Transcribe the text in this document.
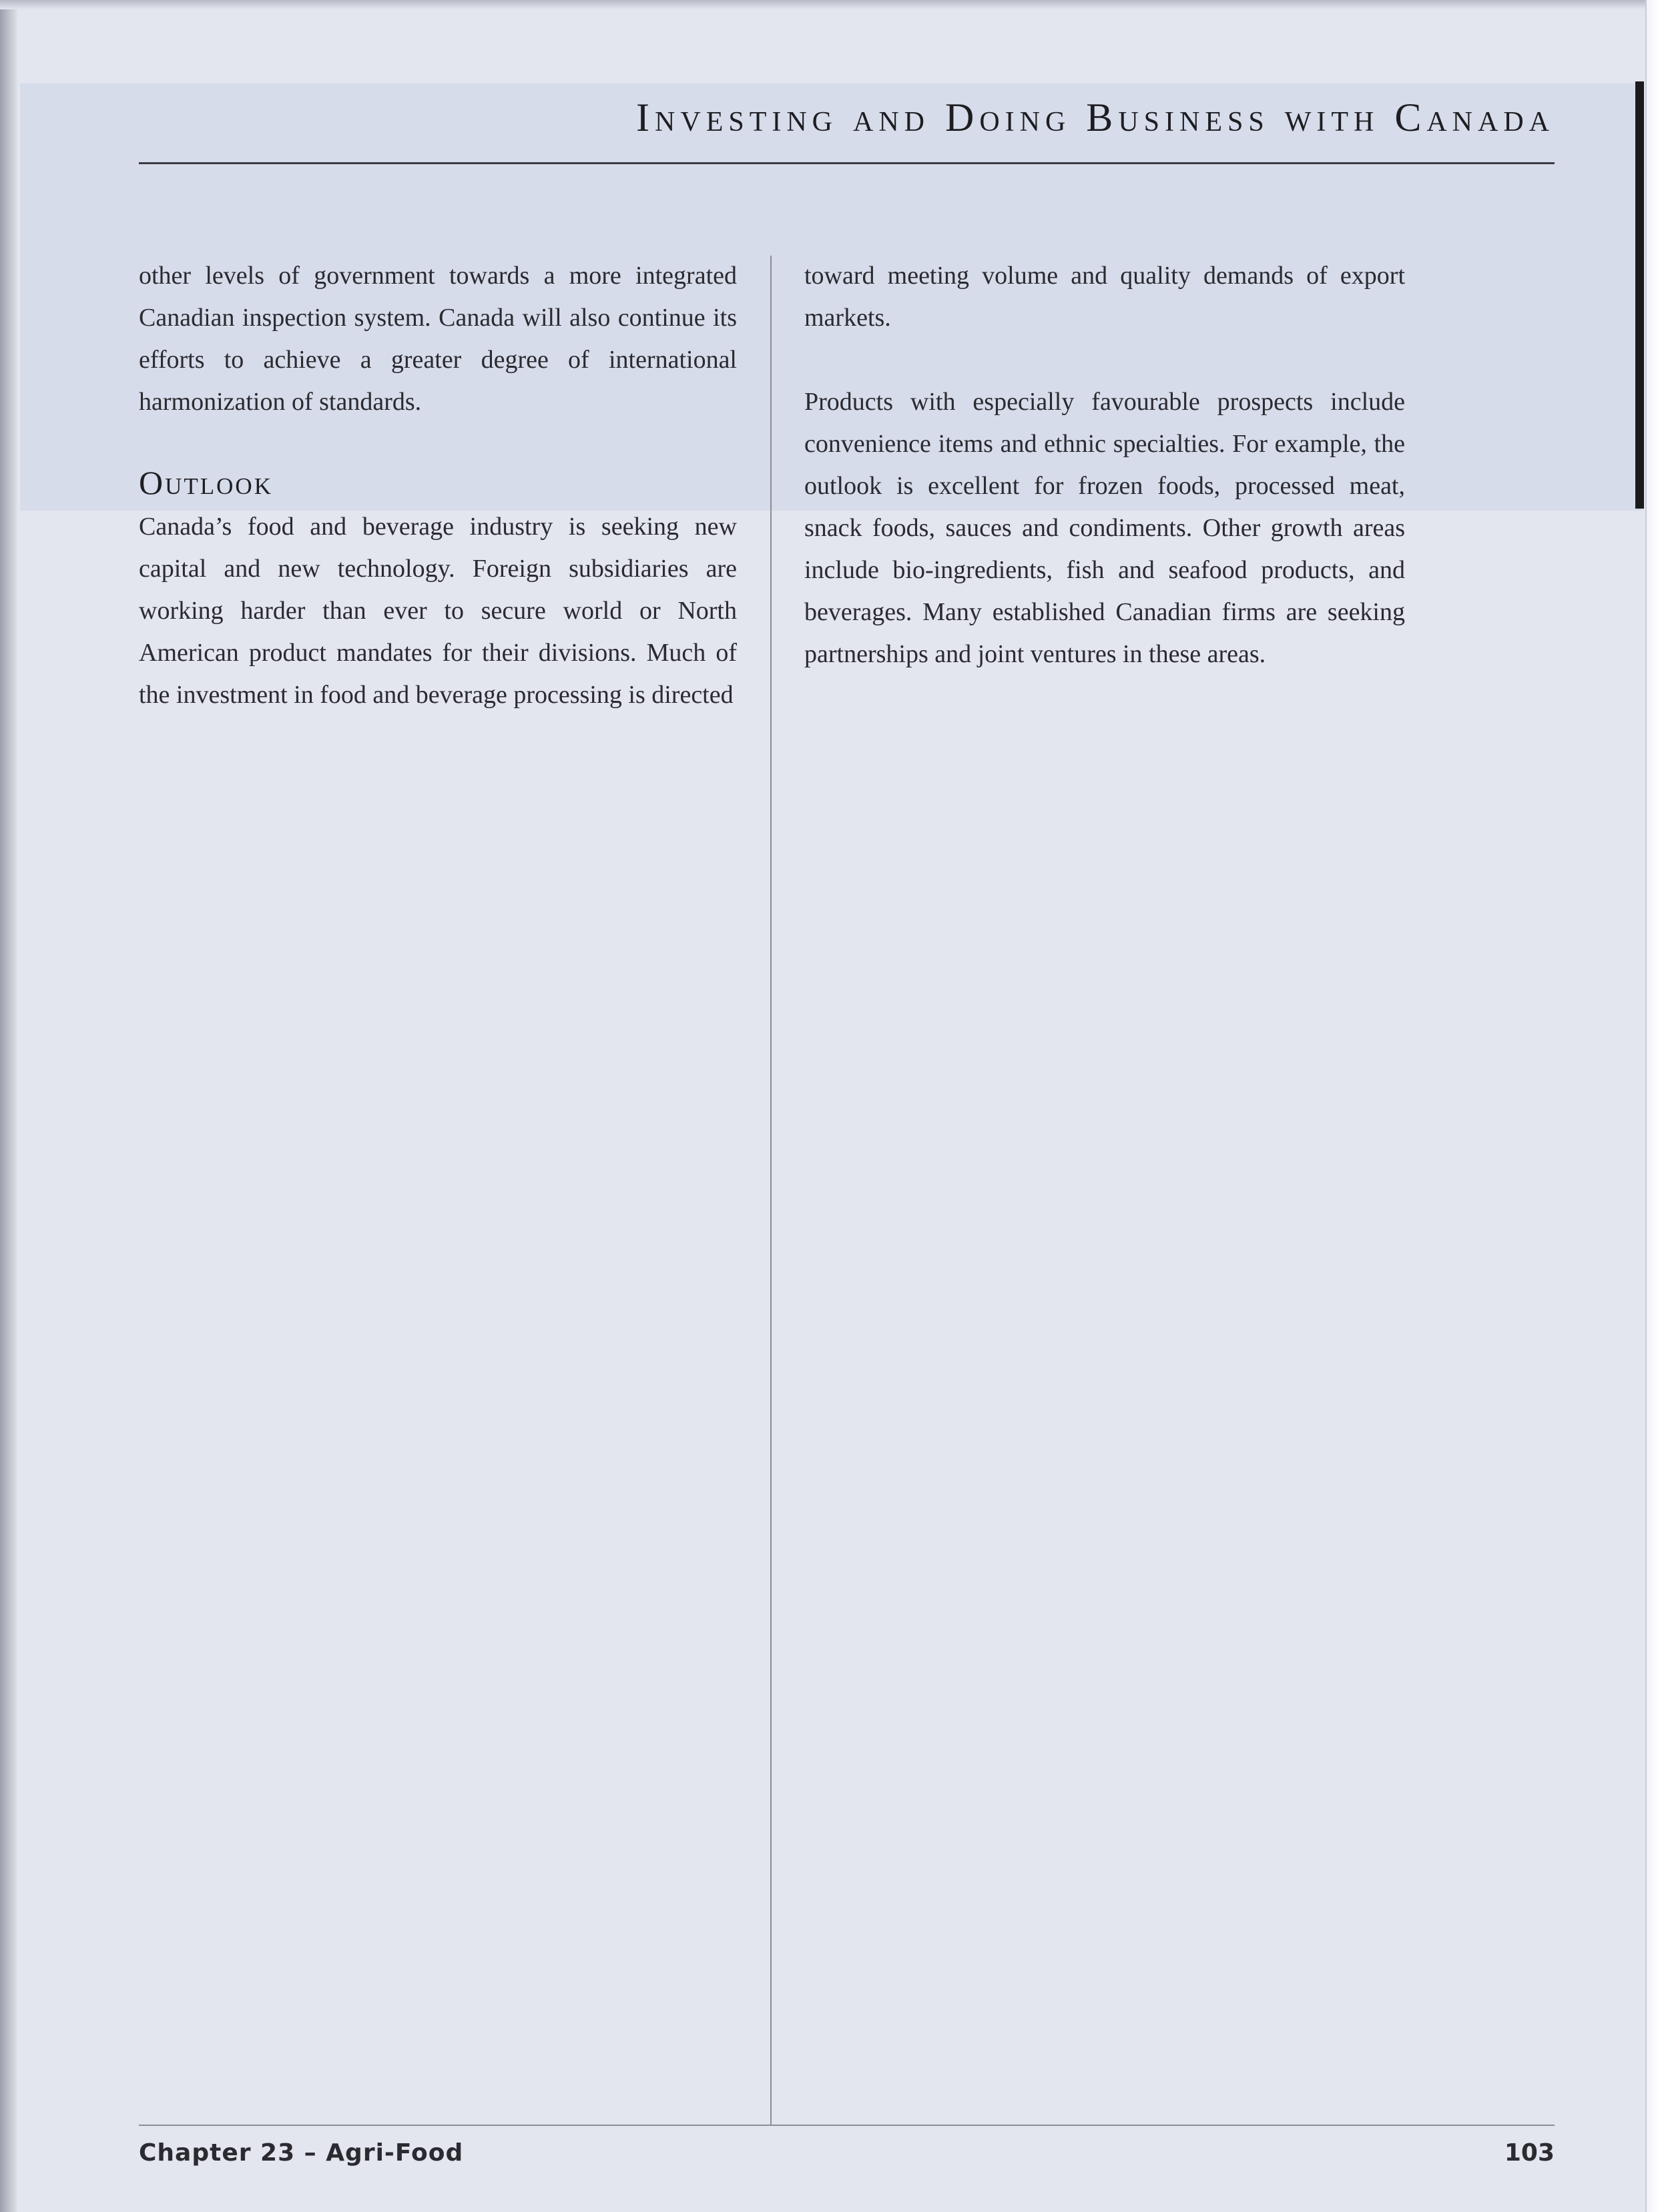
Investing and Doing Business with Canada

other levels of government towards a more integrated Canadian inspection system. Canada will also continue its efforts to achieve a greater degree of international harmonization of standards.

Outlook

Canada’s food and beverage industry is seeking new capital and new technology. Foreign subsidiaries are working harder than ever to secure world or North American product mandates for their divisions. Much of the investment in food and beverage processing is directed

toward meeting volume and quality demands of export markets.

Products with especially favourable prospects include convenience items and ethnic specialties. For example, the outlook is excellent for frozen foods, processed meat, snack foods, sauces and condiments. Other growth areas include bio-ingredients, fish and seafood products, and beverages. Many established Canadian firms are seeking partnerships and joint ventures in these areas.

Chapter 23 – Agri-Food	103
